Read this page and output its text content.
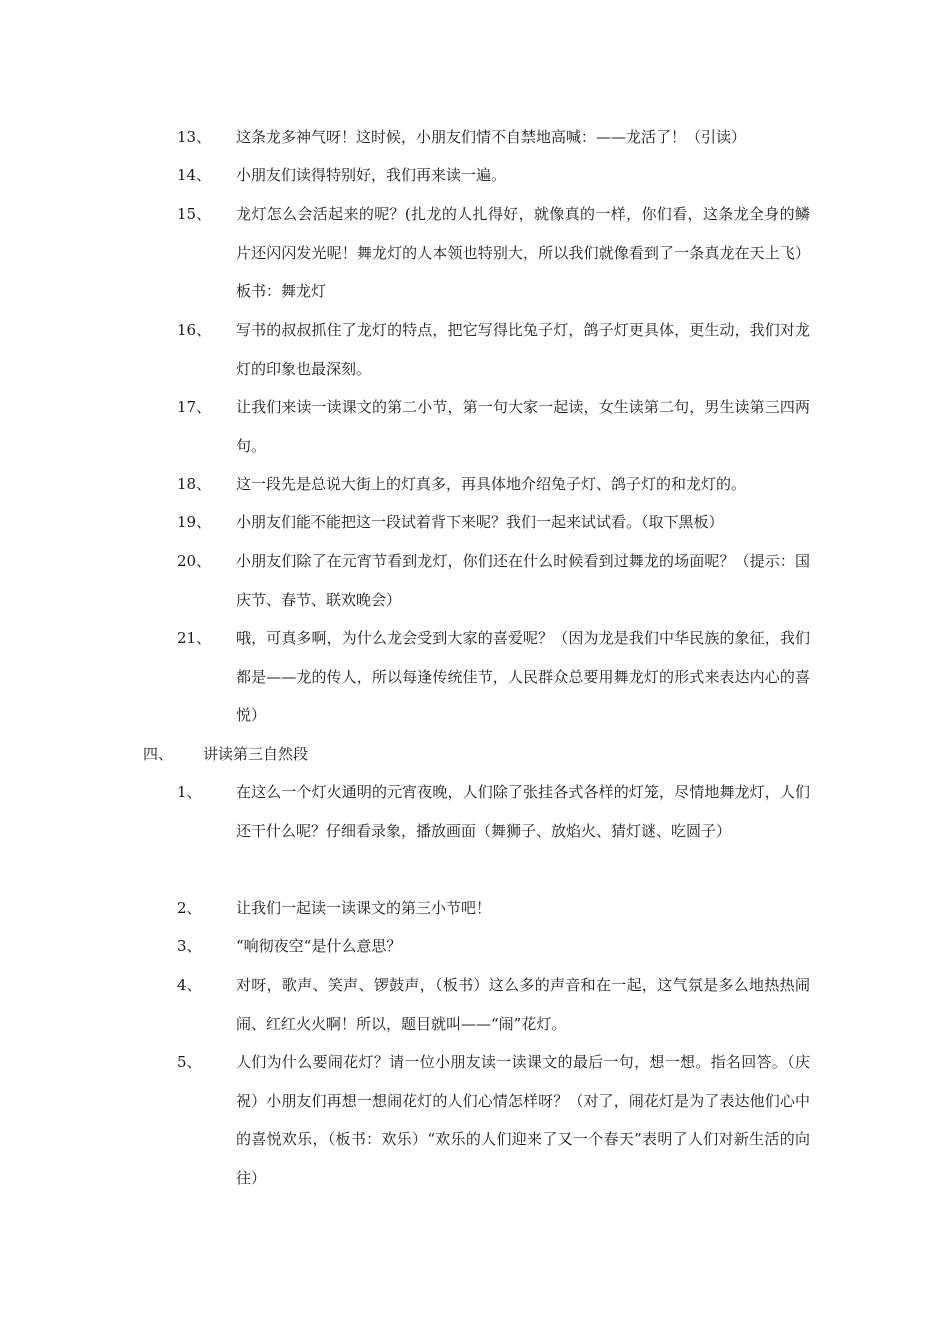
13、 这条龙多神气呀！这时候，小朋友们情不自禁地高喊：——龙活了！（引读）

14、 小朋友们读得特别好，我们再来读一遍。

15、 龙灯怎么会活起来的呢？(扎龙的人扎得好，就像真的一样，你们看，这条龙全身的鳞片还闪闪发光呢！舞龙灯的人本领也特别大，所以我们就像看到了一条真龙在天上飞）板书：舞龙灯

16、 写书的叔叔抓住了龙灯的特点，把它写得比兔子灯，鸽子灯更具体，更生动，我们对龙灯的印象也最深刻。

17、 让我们来读一读课文的第二小节，第一句大家一起读，女生读第二句，男生读第三四两句。

18、 这一段先是总说大街上的灯真多，再具体地介绍兔子灯、鸽子灯的和龙灯的。

19、 小朋友们能不能把这一段试着背下来呢？我们一起来试试看。（取下黑板）

20、 小朋友们除了在元宵节看到龙灯，你们还在什么时候看到过舞龙的场面呢？（提示：国庆节、春节、联欢晚会）

21、 哦，可真多啊，为什么龙会受到大家的喜爱呢？（因为龙是我们中华民族的象征，我们都是——龙的传人，所以每逢传统佳节，人民群众总要用舞龙灯的形式来表达内心的喜悦）

四、 讲读第三自然段

1、 在这么一个灯火通明的元宵夜晚，人们除了张挂各式各样的灯笼，尽情地舞龙灯，人们还干什么呢？仔细看录象，播放画面（舞狮子、放焰火、猜灯谜、吃圆子）

2、 让我们一起读一读课文的第三小节吧！

3、 “响彻夜空“是什么意思？

4、 对呀，歌声、笑声、锣鼓声，（板书）这么多的声音和在一起，这气氛是多么地热热闹闹、红红火火啊！所以，题目就叫——“闹”花灯。

5、 人们为什么要闹花灯？请一位小朋友读一读课文的最后一句，想一想。指名回答。（庆祝）小朋友们再想一想闹花灯的人们心情怎样呀？（对了，闹花灯是为了表达他们心中的喜悦欢乐，（板书：欢乐）“欢乐的人们迎来了又一个春天”表明了人们对新生活的向往）
